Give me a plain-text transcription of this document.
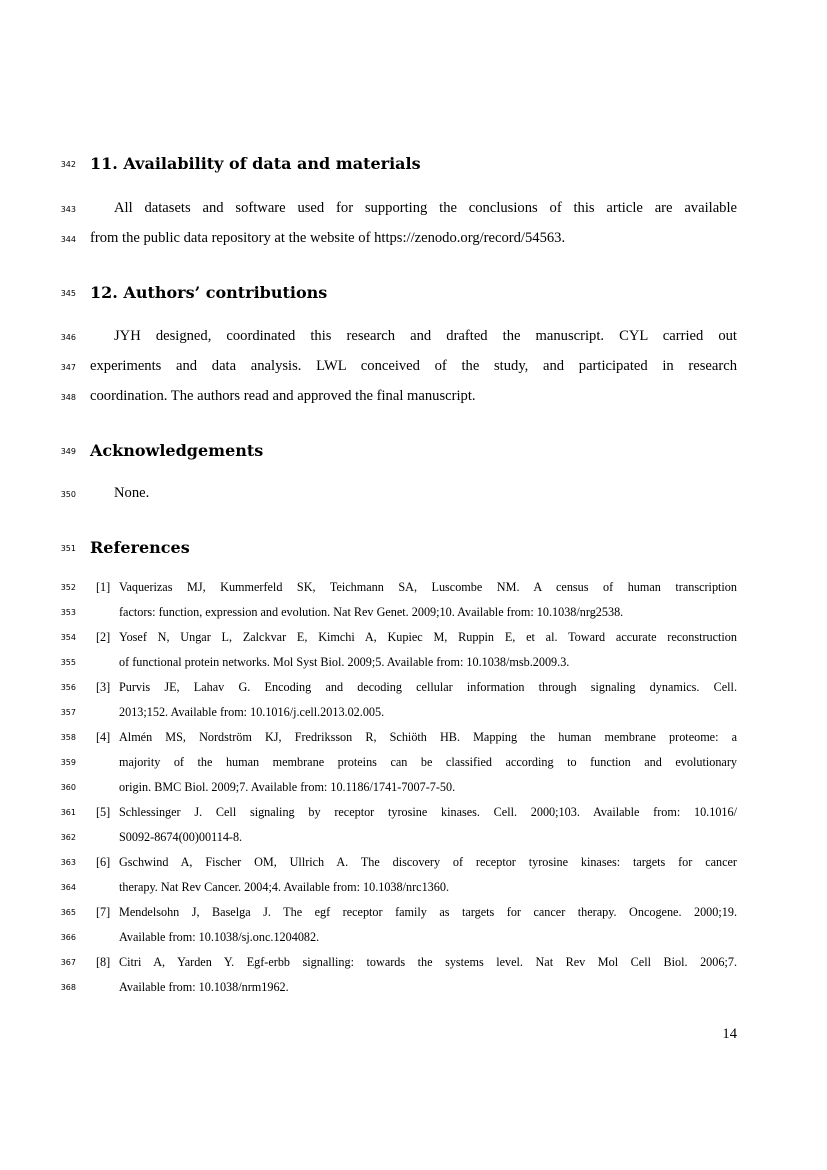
342 11. Availability of data and materials
343	All datasets and software used for supporting the conclusions of this article are available
344 from the public data repository at the website of https://zenodo.org/record/54563.
345 12. Authors’ contributions
346	JYH designed, coordinated this research and drafted the manuscript. CYL carried out
347 experiments and data analysis. LWL conceived of the study, and participated in research
348 coordination. The authors read and approved the final manuscript.
349 Acknowledgements
350	None.
351 References
352 [1] Vaquerizas MJ, Kummerfeld SK, Teichmann SA, Luscombe NM. A census of human transcription
353	factors: function, expression and evolution. Nat Rev Genet. 2009;10. Available from: 10.1038/nrg2538.
354 [2] Yosef N, Ungar L, Zalckvar E, Kimchi A, Kupiec M, Ruppin E, et al. Toward accurate reconstruction
355	of functional protein networks. Mol Syst Biol. 2009;5. Available from: 10.1038/msb.2009.3.
356 [3] Purvis JE, Lahav G. Encoding and decoding cellular information through signaling dynamics. Cell.
357	2013;152. Available from: 10.1016/j.cell.2013.02.005.
358 [4] Almén MS, Nordström KJ, Fredriksson R, Schiöth HB. Mapping the human membrane proteome: a
359	majority of the human membrane proteins can be classified according to function and evolutionary
360	origin. BMC Biol. 2009;7. Available from: 10.1186/1741-7007-7-50.
361 [5] Schlessinger J. Cell signaling by receptor tyrosine kinases. Cell. 2000;103. Available from: 10.1016/
362	S0092-8674(00)00114-8.
363 [6] Gschwind A, Fischer OM, Ullrich A. The discovery of receptor tyrosine kinases: targets for cancer
364	therapy. Nat Rev Cancer. 2004;4. Available from: 10.1038/nrc1360.
365 [7] Mendelsohn J, Baselga J. The egf receptor family as targets for cancer therapy. Oncogene. 2000;19.
366	Available from: 10.1038/sj.onc.1204082.
367 [8] Citri A, Yarden Y. Egf-erbb signalling: towards the systems level. Nat Rev Mol Cell Biol. 2006;7.
368	Available from: 10.1038/nrm1962.
14
